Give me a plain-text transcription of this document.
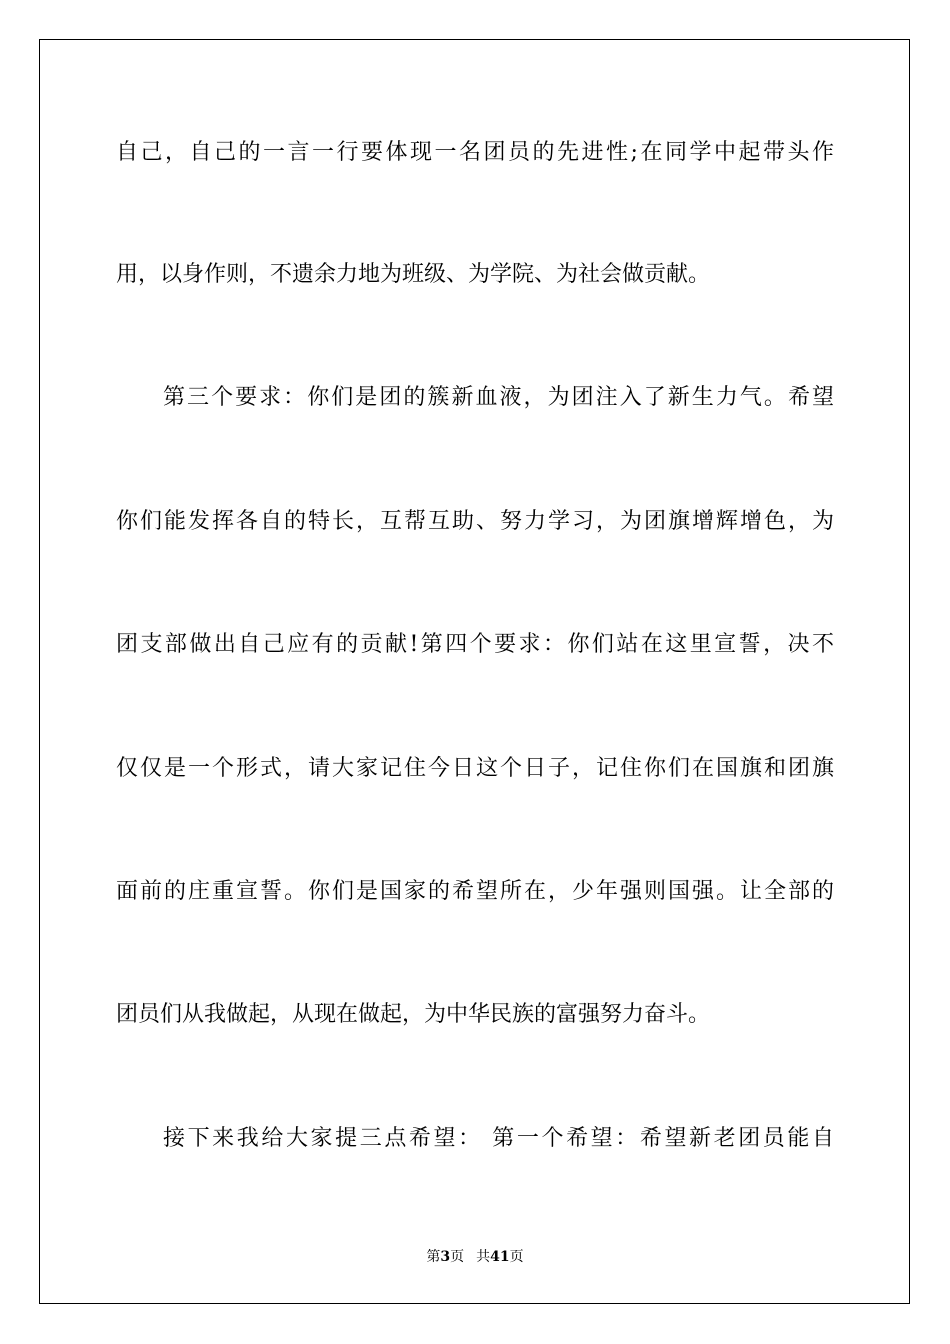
自己，自己的一言一行要体现一名团员的先进性;在同学中起带头作
用，以身作则，不遗余力地为班级、为学院、为社会做贡献。
第三个要求：你们是团的簇新血液，为团注入了新生力气。希望
你们能发挥各自的特长，互帮互助、努力学习，为团旗增辉增色，为
团支部做出自己应有的贡献!第四个要求：你们站在这里宣誓，决不
仅仅是一个形式，请大家记住今日这个日子，记住你们在国旗和团旗
面前的庄重宣誓。你们是国家的希望所在，少年强则国强。让全部的
团员们从我做起，从现在做起，为中华民族的富强努力奋斗。
接下来我给大家提三点希望： 第一个希望：希望新老团员能自
第3页 共41页
